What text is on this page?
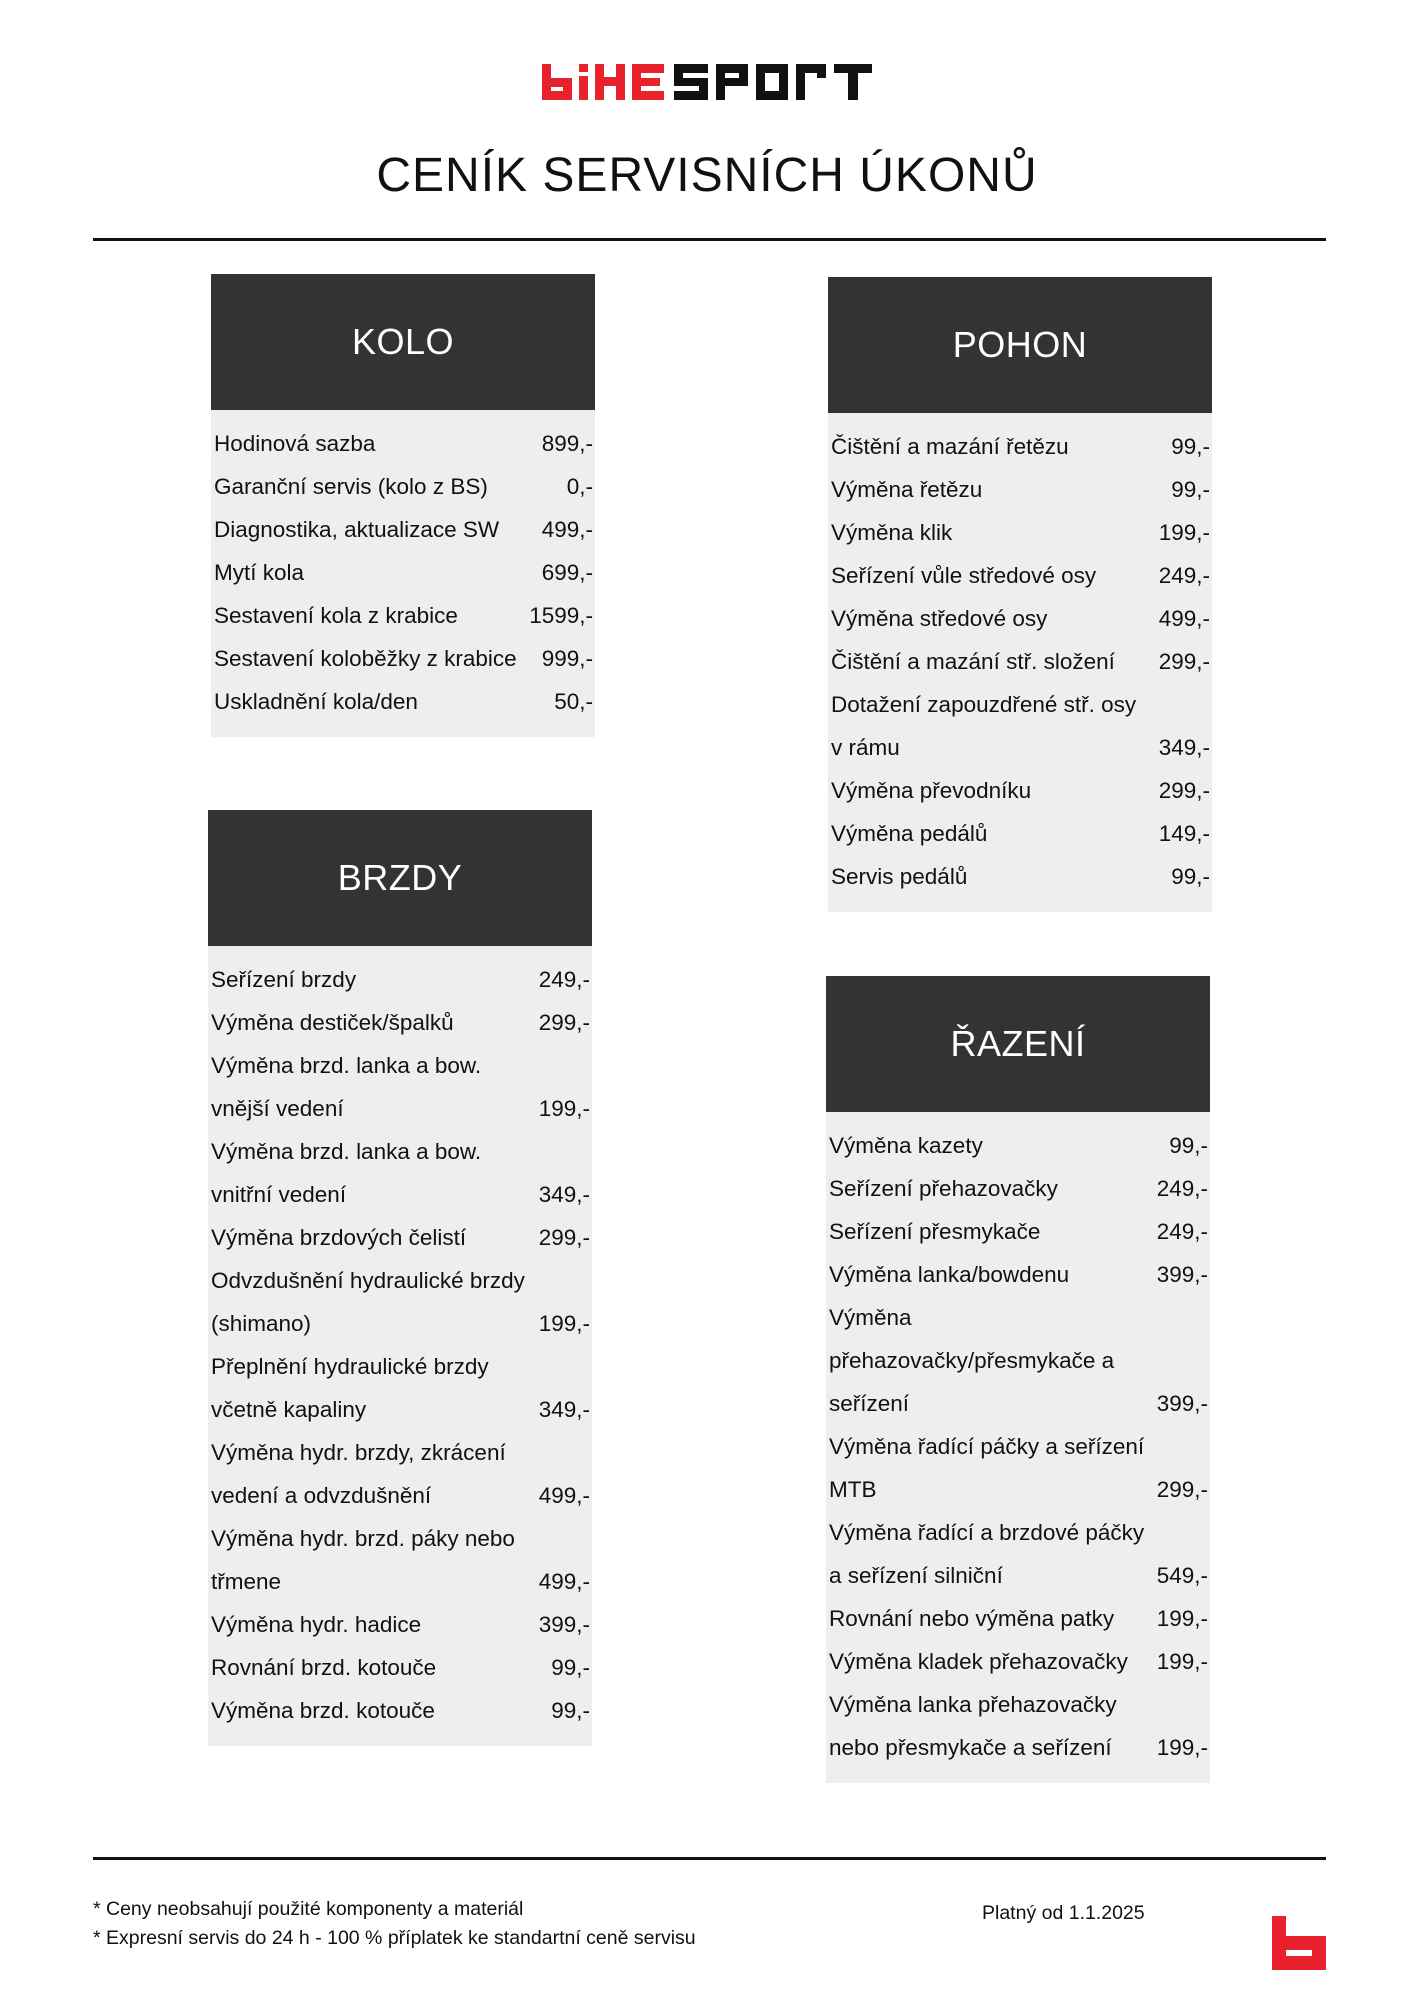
CENÍK SERVISNÍCH ÚKONŮ
KOLO
Hodinová sazba	899,-
Garanční servis (kolo z BS)	0,-
Diagnostika, aktualizace SW	499,-
Mytí kola	699,-
Sestavení kola z krabice	1599,-
Sestavení koloběžky z krabice	999,-
Uskladnění kola/den	50,-
POHON
Čištění a mazání řetězu	99,-
Výměna řetězu	99,-
Výměna klik	199,-
Seřízení vůle středové osy	249,-
Výměna středové osy	499,-
Čištění a mazání stř. složení	299,-
Dotažení zapouzdřené stř. osy v rámu	349,-
Výměna převodníku	299,-
Výměna pedálů	149,-
Servis pedálů	99,-
BRZDY
Seřízení brzdy	249,-
Výměna destiček/špalků	299,-
Výměna brzd. lanka a bow. vnější vedení	199,-
Výměna brzd. lanka a bow. vnitřní vedení	349,-
Výměna brzdových čelistí	299,-
Odvzdušnění hydraulické brzdy (shimano)	199,-
Přeplnění hydraulické brzdy včetně kapaliny	349,-
Výměna hydr. brzdy, zkrácení vedení a odvzdušnění	499,-
Výměna hydr. brzd. páky nebo třmene	499,-
Výměna hydr. hadice	399,-
Rovnání brzd. kotouče	99,-
Výměna brzd. kotouče	99,-
ŘAZENÍ
Výměna kazety	99,-
Seřízení přehazovačky	249,-
Seřízení přesmykače	249,-
Výměna lanka/bowdenu	399,-
Výměna přehazovačky/přesmykače a seřízení	399,-
Výměna řadící páčky a seřízení MTB	299,-
Výměna řadící a brzdové páčky a seřízení silniční	549,-
Rovnání nebo výměna patky	199,-
Výměna kladek přehazovačky	199,-
Výměna lanka přehazovačky nebo přesmykače a seřízení	199,-
* Ceny neobsahují použité komponenty a materiál
* Expresní servis do 24 h - 100 % příplatek ke standartní ceně servisu
Platný od 1.1.2025
